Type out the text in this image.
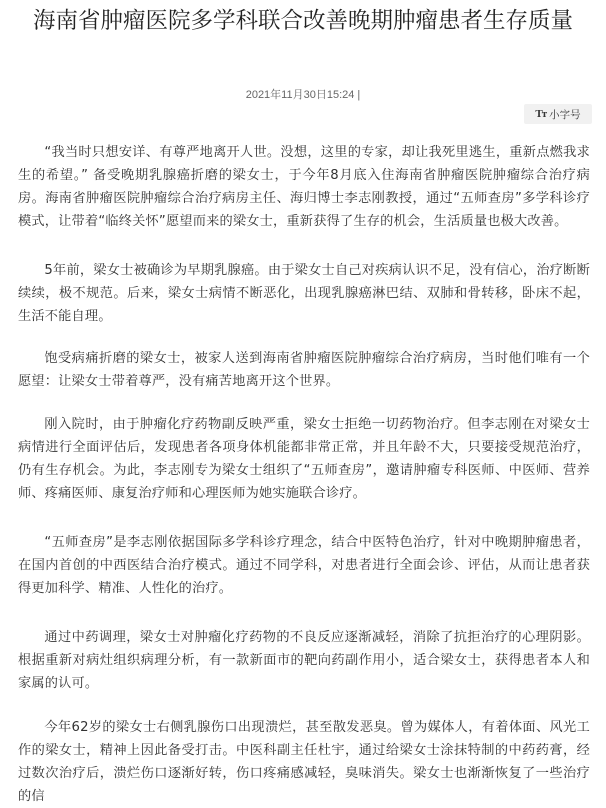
海南省肿瘤医院多学科联合改善晚期肿瘤患者生存质量
2021年11月30日15:24 |
Tт 小字号

“我当时只想安详、有尊严地离开人世。没想，这里的专家，却让我死里逃生，重新点燃我求生的希望。” 备受晚期乳腺癌折磨的梁女士，于今年8月底入住海南省肿瘤医院肿瘤综合治疗病房。海南省肿瘤医院肿瘤综合治疗病房主任、海归博士李志刚教授，通过“五师查房”多学科诊疗模式，让带着“临终关怀”愿望而来的梁女士，重新获得了生存的机会，生活质量也极大改善。

5年前，梁女士被确诊为早期乳腺癌。由于梁女士自己对疾病认识不足，没有信心，治疗断断续续，极不规范。后来，梁女士病情不断恶化，出现乳腺癌淋巴结、双肺和骨转移，卧床不起，生活不能自理。

饱受病痛折磨的梁女士，被家人送到海南省肿瘤医院肿瘤综合治疗病房，当时他们唯有一个愿望：让梁女士带着尊严，没有痛苦地离开这个世界。

刚入院时，由于肿瘤化疗药物副反映严重，梁女士拒绝一切药物治疗。但李志刚在对梁女士病情进行全面评估后，发现患者各项身体机能都非常正常，并且年龄不大，只要接受规范治疗，仍有生存机会。为此，李志刚专为梁女士组织了“五师查房”，邀请肿瘤专科医师、中医师、营养师、疼痛医师、康复治疗师和心理医师为她实施联合诊疗。

“五师查房”是李志刚依据国际多学科诊疗理念，结合中医特色治疗，针对中晚期肿瘤患者，在国内首创的中西医结合治疗模式。通过不同学科，对患者进行全面会诊、评估，从而让患者获得更加科学、精准、人性化的治疗。

通过中药调理，梁女士对肿瘤化疗药物的不良反应逐渐减轻，消除了抗拒治疗的心理阴影。根据重新对病灶组织病理分析，有一款新面市的靶向药副作用小，适合梁女士，获得患者本人和家属的认可。

今年62岁的梁女士右侧乳腺伤口出现溃烂，甚至散发恶臭。曾为媒体人，有着体面、风光工作的梁女士，精神上因此备受打击。中医科副主任杜宇，通过给梁女士涂抹特制的中药药膏，经过数次治疗后，溃烂伤口逐渐好转，伤口疼痛感减轻，臭味消失。梁女士也渐渐恢复了一些治疗的信
